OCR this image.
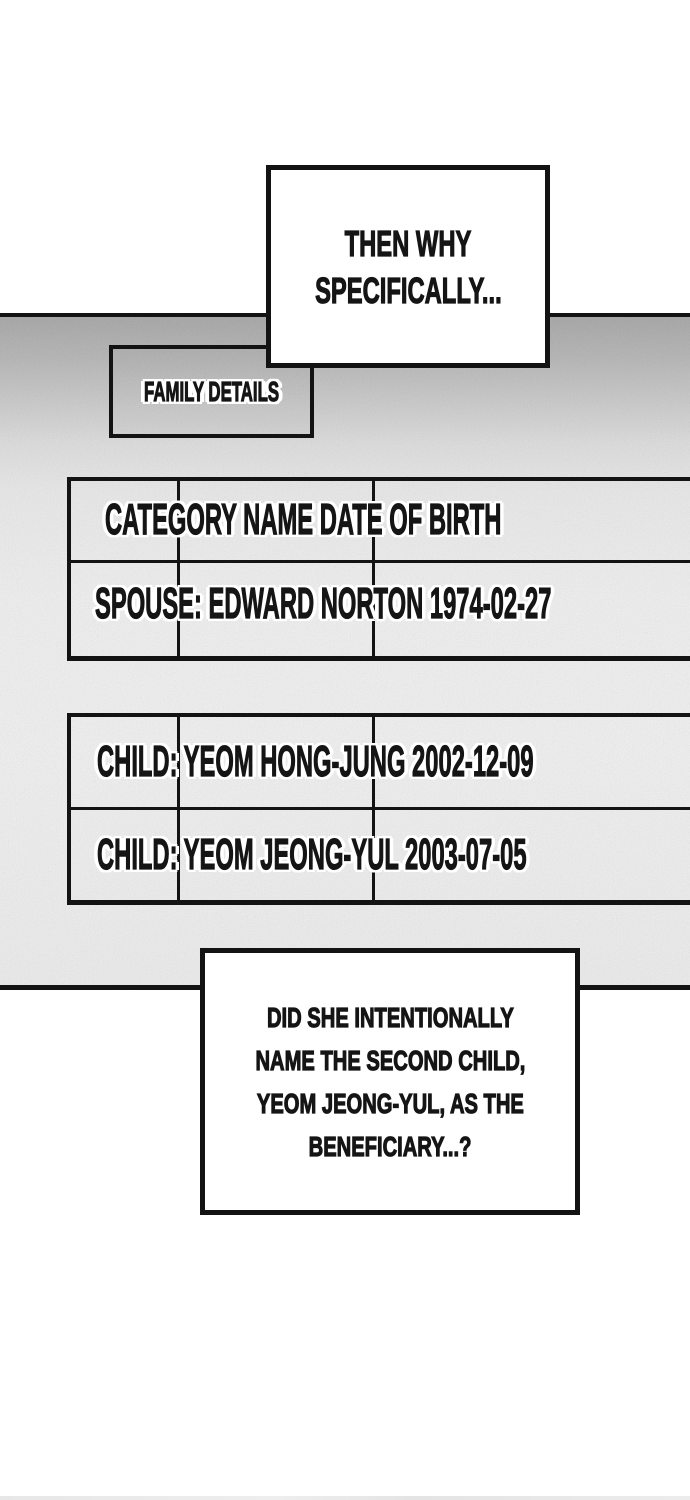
FAMILY DETAILS
CATEGORY NAME DATE OF BIRTH
SPOUSE: EDWARD NORTON 1974-02-27
CHILD: YEOM HONG-JUNG 2002-12-09
CHILD: YEOM JEONG-YUL 2003-07-05
THEN WHY
SPECIFICALLY...
DID SHE INTENTIONALLY
NAME THE SECOND CHILD,
YEOM JEONG-YUL, AS THE
BENEFICIARY...?
